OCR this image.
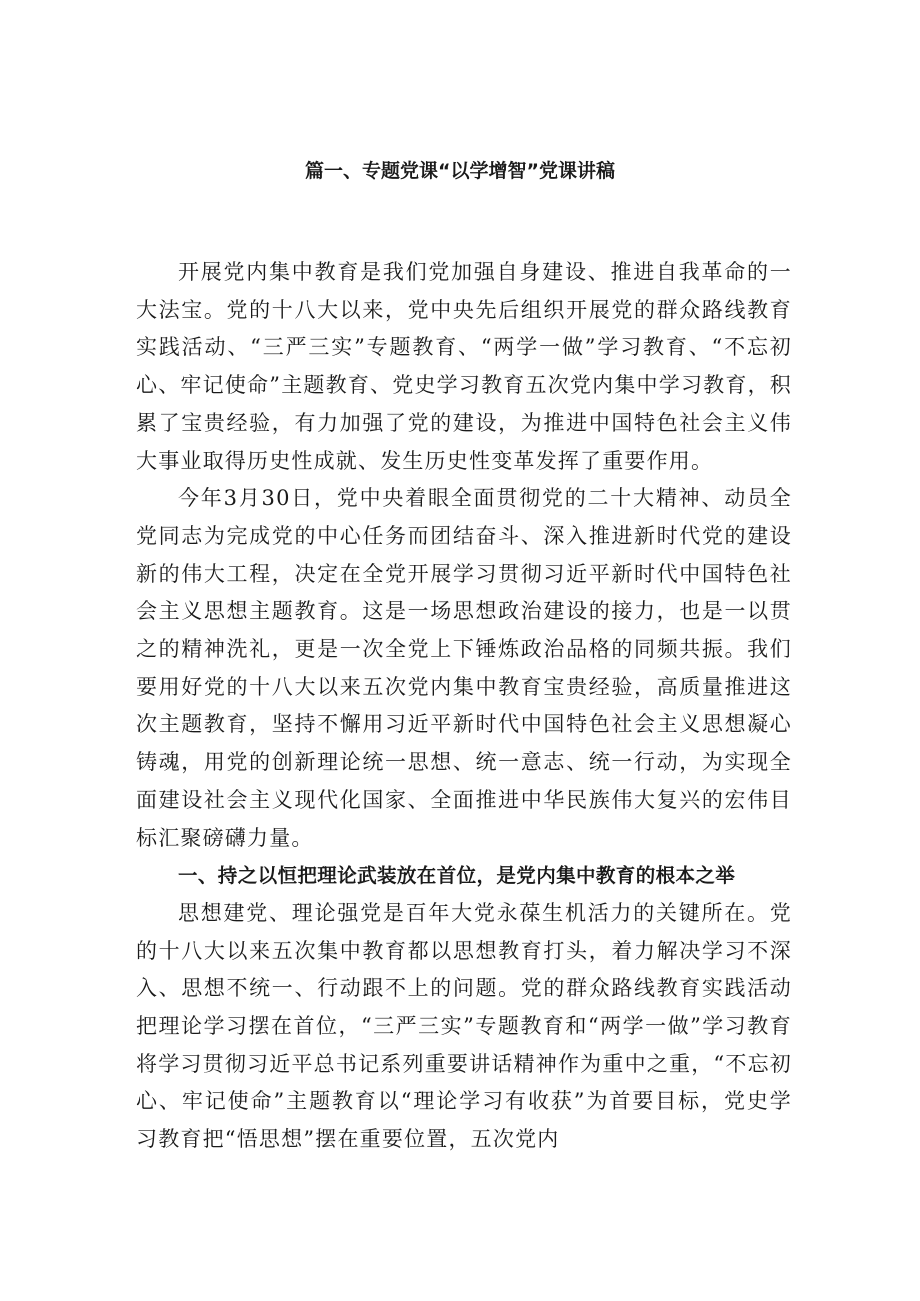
篇一、专题党课“以学增智”党课讲稿

开展党内集中教育是我们党加强自身建设、推进自我革命的一大法宝。党的十八大以来，党中央先后组织开展党的群众路线教育实践活动、“三严三实”专题教育、“两学一做”学习教育、“不忘初心、牢记使命”主题教育、党史学习教育五次党内集中学习教育，积累了宝贵经验，有力加强了党的建设，为推进中国特色社会主义伟大事业取得历史性成就、发生历史性变革发挥了重要作用。

今年3月30日，党中央着眼全面贯彻党的二十大精神、动员全党同志为完成党的中心任务而团结奋斗、深入推进新时代党的建设新的伟大工程，决定在全党开展学习贯彻习近平新时代中国特色社会主义思想主题教育。这是一场思想政治建设的接力，也是一以贯之的精神洗礼，更是一次全党上下锤炼政治品格的同频共振。我们要用好党的十八大以来五次党内集中教育宝贵经验，高质量推进这次主题教育，坚持不懈用习近平新时代中国特色社会主义思想凝心铸魂，用党的创新理论统一思想、统一意志、统一行动，为实现全面建设社会主义现代化国家、全面推进中华民族伟大复兴的宏伟目标汇聚磅礴力量。

一、持之以恒把理论武装放在首位，是党内集中教育的根本之举

思想建党、理论强党是百年大党永葆生机活力的关键所在。党的十八大以来五次集中教育都以思想教育打头，着力解决学习不深入、思想不统一、行动跟不上的问题。党的群众路线教育实践活动把理论学习摆在首位，“三严三实”专题教育和“两学一做”学习教育将学习贯彻习近平总书记系列重要讲话精神作为重中之重，“不忘初心、牢记使命”主题教育以“理论学习有收获”为首要目标，党史学习教育把“悟思想”摆在重要位置，五次党内
